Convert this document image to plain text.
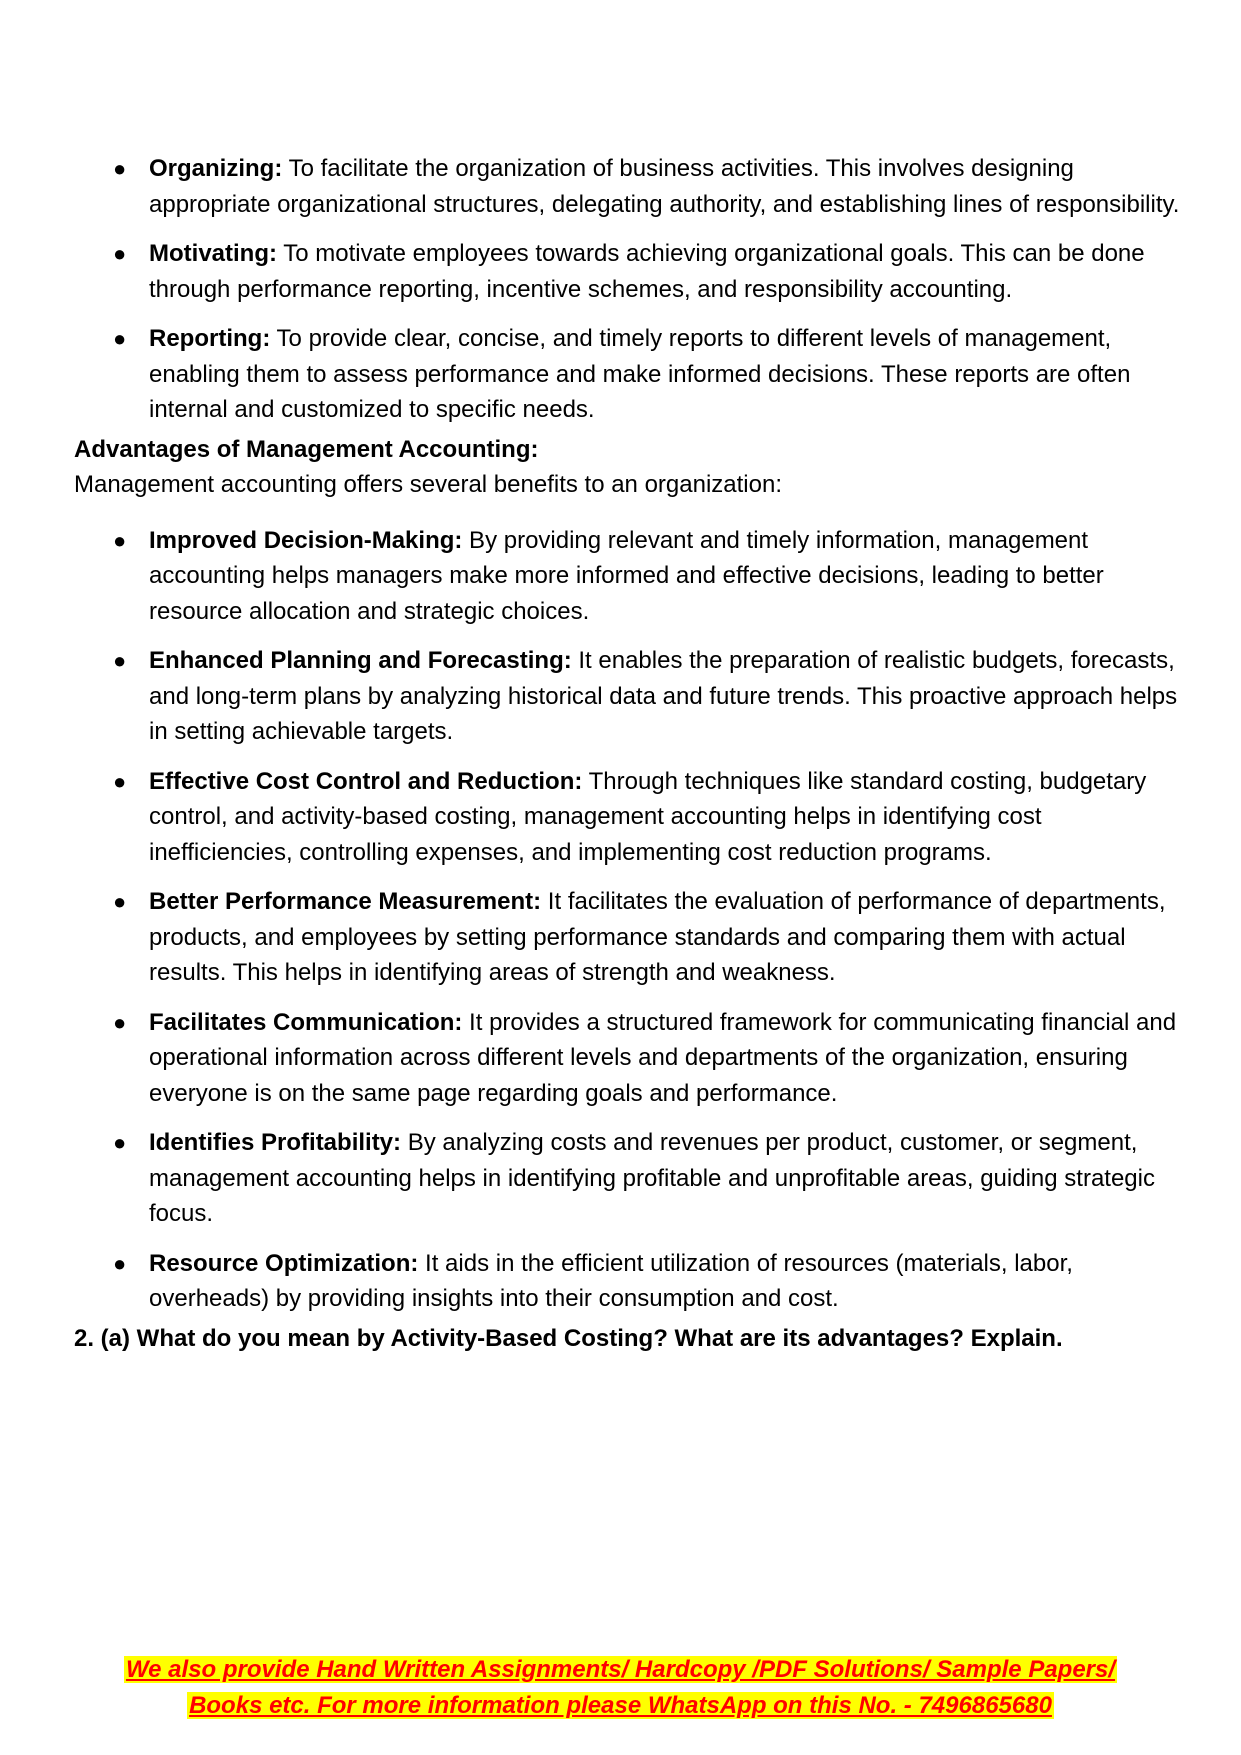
● Organizing: To facilitate the organization of business activities. This involves designing appropriate organizational structures, delegating authority, and establishing lines of responsibility.
● Motivating: To motivate employees towards achieving organizational goals. This can be done through performance reporting, incentive schemes, and responsibility accounting.
● Reporting: To provide clear, concise, and timely reports to different levels of management, enabling them to assess performance and make informed decisions. These reports are often internal and customized to specific needs.

Advantages of Management Accounting:

Management accounting offers several benefits to an organization:

● Improved Decision-Making: By providing relevant and timely information, management accounting helps managers make more informed and effective decisions, leading to better resource allocation and strategic choices.
● Enhanced Planning and Forecasting: It enables the preparation of realistic budgets, forecasts, and long-term plans by analyzing historical data and future trends. This proactive approach helps in setting achievable targets.
● Effective Cost Control and Reduction: Through techniques like standard costing, budgetary control, and activity-based costing, management accounting helps in identifying cost inefficiencies, controlling expenses, and implementing cost reduction programs.
● Better Performance Measurement: It facilitates the evaluation of performance of departments, products, and employees by setting performance standards and comparing them with actual results. This helps in identifying areas of strength and weakness.
● Facilitates Communication: It provides a structured framework for communicating financial and operational information across different levels and departments of the organization, ensuring everyone is on the same page regarding goals and performance.
● Identifies Profitability: By analyzing costs and revenues per product, customer, or segment, management accounting helps in identifying profitable and unprofitable areas, guiding strategic focus.
● Resource Optimization: It aids in the efficient utilization of resources (materials, labor, overheads) by providing insights into their consumption and cost.

2. (a) What do you mean by Activity-Based Costing? What are its advantages? Explain.

We also provide Hand Written Assignments/ Hardcopy /PDF Solutions/ Sample Papers/
Books etc. For more information please WhatsApp on this No. - 7496865680
